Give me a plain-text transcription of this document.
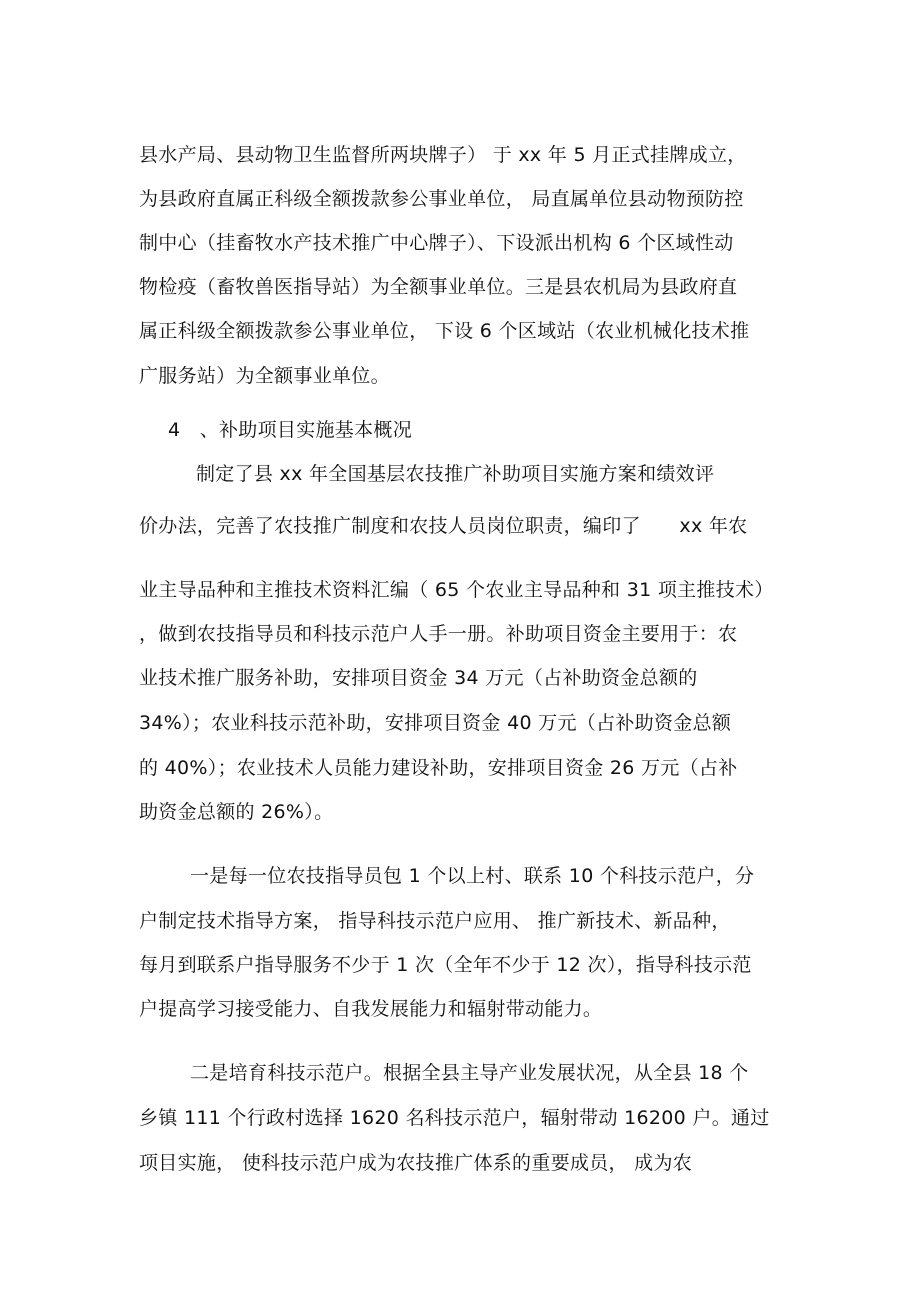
县水产局、县动物卫生监督所两块牌子） 于 xx 年 5 月正式挂牌成立，
为县政府直属正科级全额拨款参公事业单位， 局直属单位县动物预防控
制中心（挂畜牧水产技术推广中心牌子）、下设派出机构 6 个区域性动
物检疫（畜牧兽医指导站）为全额事业单位。三是县农机局为县政府直
属正科级全额拨款参公事业单位， 下设 6 个区域站（农业机械化技术推
广服务站）为全额事业单位。
4　、补助项目实施基本概况
制定了县 xx 年全国基层农技推广补助项目实施方案和绩效评
价办法，完善了农技推广制度和农技人员岗位职责，编印了　　xx 年农
业主导品种和主推技术资料汇编（ 65 个农业主导品种和 31 项主推技术）
，做到农技指导员和科技示范户人手一册。补助项目资金主要用于：农
业技术推广服务补助，安排项目资金 34 万元（占补助资金总额的
34%）；农业科技示范补助，安排项目资金 40 万元（占补助资金总额
的 40%）；农业技术人员能力建设补助，安排项目资金 26 万元（占补
助资金总额的 26%）。
一是每一位农技指导员包 1 个以上村、联系 10 个科技示范户，分
户制定技术指导方案， 指导科技示范户应用、 推广新技术、新品种，
每月到联系户指导服务不少于 1 次（全年不少于 12 次），指导科技示范
户提高学习接受能力、自我发展能力和辐射带动能力。
二是培育科技示范户。根据全县主导产业发展状况，从全县 18 个
乡镇 111 个行政村选择 1620 名科技示范户，辐射带动 16200 户。通过
项目实施， 使科技示范户成为农技推广体系的重要成员， 成为农
